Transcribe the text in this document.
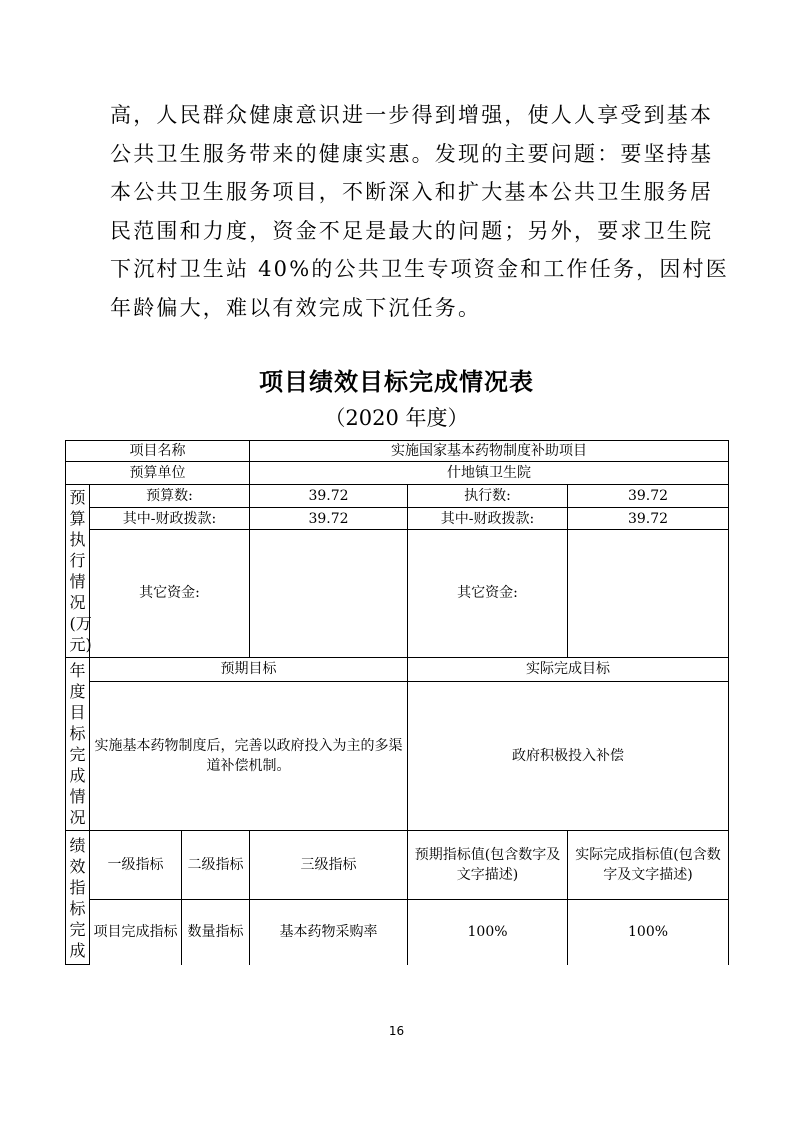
高，人民群众健康意识进一步得到增强，使人人享受到基本
公共卫生服务带来的健康实惠。发现的主要问题：要坚持基
本公共卫生服务项目，不断深入和扩大基本公共卫生服务居
民范围和力度，资金不足是最大的问题；另外，要求卫生院
下沉村卫生站 40%的公共卫生专项资金和工作任务，因村医
年龄偏大，难以有效完成下沉任务。
项目绩效目标完成情况表
（2020 年度）
项目名称			实施国家基本药物制度补助项目		
预算单位			什地镇卫生院		

预算执行情况(万元)	预算数:		39.72	执行数:	39.72
	其中-财政拨款:		39.72	其中-财政拨款:	39.72
	其它资金:			其它资金:	

年度目标完成情况	预期目标			实际完成目标	
	实施基本药物制度后，完善以政府投入为主的多渠道补偿机制。			政府积极投入补偿	

绩效指标完成	一级指标	二级指标	三级指标	预期指标值(包含数字及文字描述)	实际完成指标值(包含数字及文字描述)
	项目完成指标	数量指标	基本药物采购率	100%	100%
16
